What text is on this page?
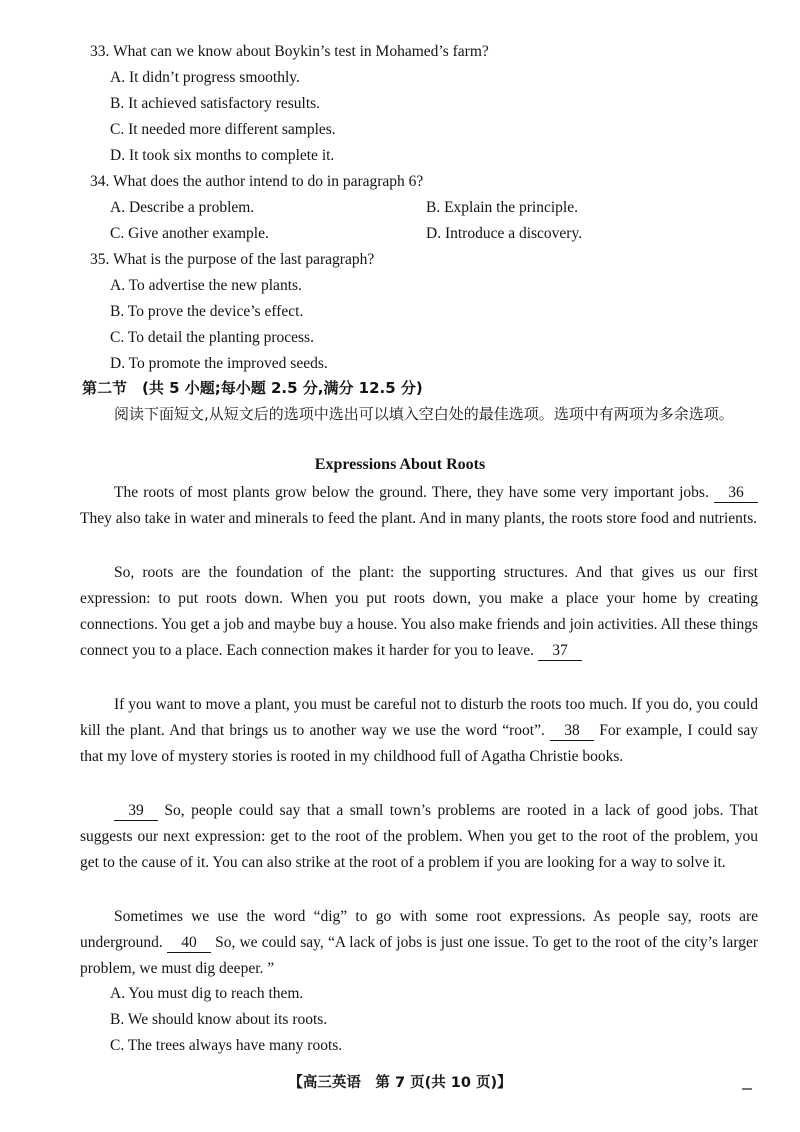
33. What can we know about Boykin’s test in Mohamed’s farm?
A. It didn’t progress smoothly.
B. It achieved satisfactory results.
C. It needed more different samples.
D. It took six months to complete it.
34. What does the author intend to do in paragraph 6?
A. Describe a problem.	B. Explain the principle.
C. Give another example.	D. Introduce a discovery.
35. What is the purpose of the last paragraph?
A. To advertise the new plants.
B. To prove the device’s effect.
C. To detail the planting process.
D. To promote the improved seeds.
第二节　(共 5 小题;每小题 2.5 分,满分 12.5 分)
阅读下面短文,从短文后的选项中选出可以填入空白处的最佳选项。选项中有两项为多余选项。
Expressions About Roots
The roots of most plants grow below the ground. There, they have some very important jobs. 36 They also take in water and minerals to feed the plant. And in many plants, the roots store food and nutrients.
So, roots are the foundation of the plant: the supporting structures. And that gives us our first expression: to put roots down. When you put roots down, you make a place your home by creating connections. You get a job and maybe buy a house. You also make friends and join activities. All these things connect you to a place. Each connection makes it harder for you to leave. 37
If you want to move a plant, you must be careful not to disturb the roots too much. If you do, you could kill the plant. And that brings us to another way we use the word “root”. 38 For example, I could say that my love of mystery stories is rooted in my childhood full of Agatha Christie books.
39 So, people could say that a small town’s problems are rooted in a lack of good jobs. That suggests our next expression: get to the root of the problem. When you get to the root of the problem, you get to the cause of it. You can also strike at the root of a problem if you are looking for a way to solve it.
Sometimes we use the word “dig” to go with some root expressions. As people say, roots are underground. 40 So, we could say, “A lack of jobs is just one issue. To get to the root of the city’s larger problem, we must dig deeper. ”
A. You must dig to reach them.
B. We should know about its roots.
C. The trees always have many roots.
【高三英语　第 7 页(共 10 页)】
